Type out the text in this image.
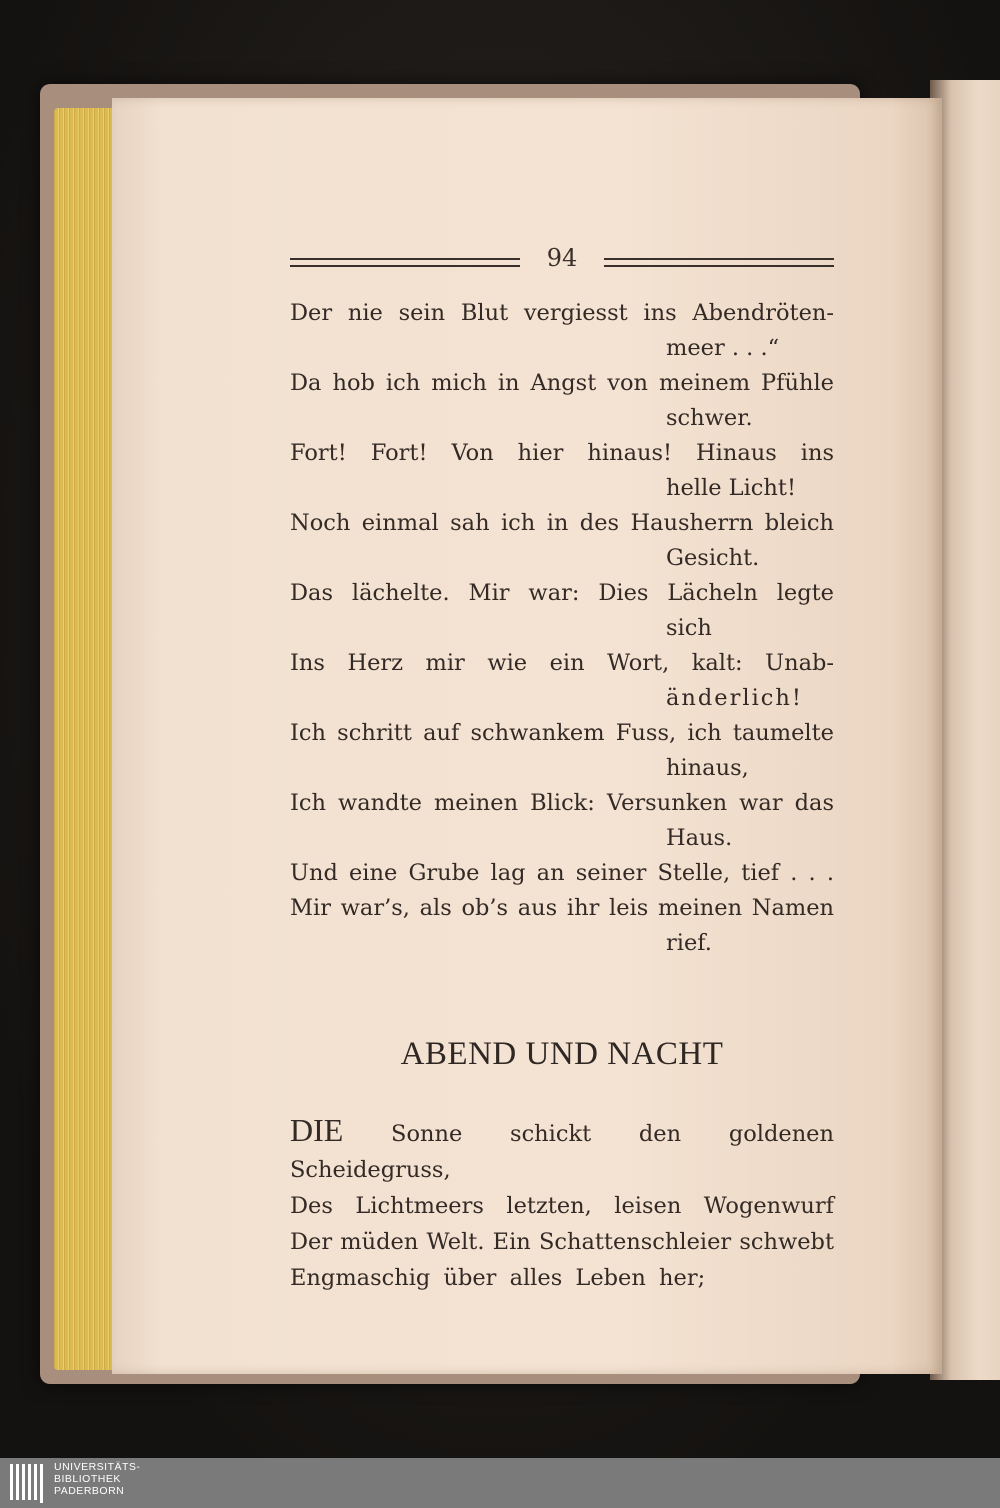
94
Der nie sein Blut vergiesst ins Abendröten-
meer . . .“
Da hob ich mich in Angst von meinem Pfühle
schwer.
Fort! Fort! Von hier hinaus! Hinaus ins
helle Licht!
Noch einmal sah ich in des Hausherrn bleich
Gesicht.
Das lächelte. Mir war: Dies Lächeln legte
sich
Ins Herz mir wie ein Wort, kalt: Unab-
änderlich!
Ich schritt auf schwankem Fuss, ich taumelte
hinaus,
Ich wandte meinen Blick: Versunken war das
Haus.
Und eine Grube lag an seiner Stelle, tief . . .
Mir war’s, als ob’s aus ihr leis meinen Namen
rief.
ABEND UND NACHT
DIE Sonne schickt den goldenen Scheidegruss,
Des Lichtmeers letzten, leisen Wogenwurf
Der müden Welt. Ein Schattenschleier schwebt
Engmaschig über alles Leben her;
UNIVERSITÄTS-
BIBLIOTHEK
PADERBORN
